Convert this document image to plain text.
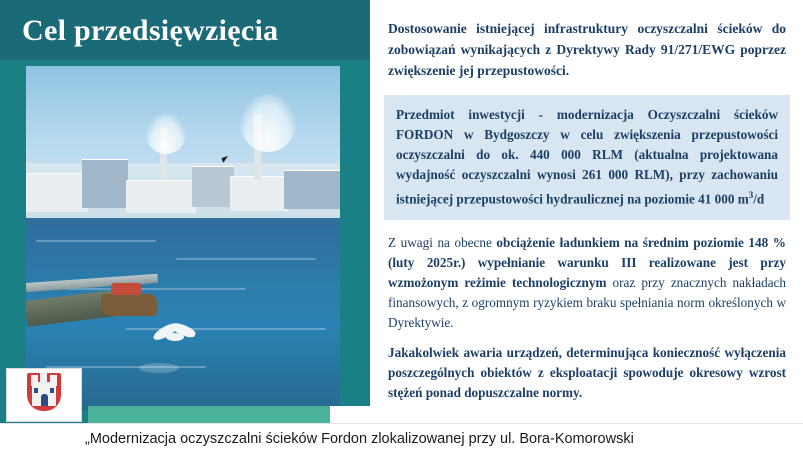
Cel przedsięwzięcia	Dostosowanie istniejącej infrastruktury oczyszczalni ścieków do zobowiązań wynikających z Dyrektywy Rady 91/271/EWG poprzez zwiększenie jej przepustowości.
Przedmiot inwestycji - modernizacja Oczyszczalni ścieków FORDON w Bydgoszczy w celu zwiększenia przepustowości oczyszczalni do ok. 440 000 RLM (aktualna projektowana wydajność oczyszczalni wynosi 261 000 RLM), przy zachowaniu istniejącej przepustowości hydraulicznej na poziomie 41 000 $m^3/d$
Z uwagi na obecne obciążenie ładunkiem na średnim poziomie 148 % (luty 2025r.) wypełnianie warunku III realizowane jest przy wzmożonym reżimie technologicznym oraz przy znacznych nakładach finansowych, z ogromnym ryzykiem braku spełniania norm określonych w Dyrektywie.
Jakakolwiek awaria urządzeń, determinująca konieczność wyłączenia poszczególnych obiektów z eksploatacji spowoduje okresowy wzrost stężeń ponad dopuszczalne normy.
„Modernizacja oczyszczalni ścieków Fordon zlokalizowanej przy ul. Bora-Komorowski
